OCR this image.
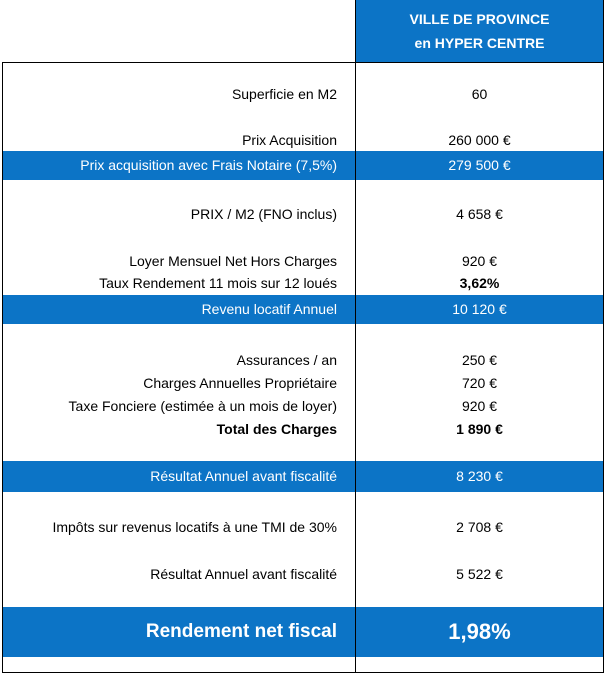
VILLE DE PROVINCE
en HYPER CENTRE
Superficie en M2	60
Prix Acquisition	260 000 €
Prix acquisition avec Frais Notaire (7,5%)	279 500 €
PRIX / M2 (FNO inclus)	4 658 €
Loyer Mensuel Net Hors Charges	920 €
Taux Rendement 11 mois sur 12 loués	3,62%
Revenu locatif Annuel	10 120 €
Assurances / an	250 €
Charges Annuelles Propriétaire	720 €
Taxe Fonciere (estimée à un mois de loyer)	920 €
Total des Charges	1 890 €
Résultat Annuel avant fiscalité	8 230 €
Impôts sur revenus locatifs à une TMI de 30%	2 708 €
Résultat Annuel avant fiscalité	5 522 €
Rendement net fiscal	1,98%
